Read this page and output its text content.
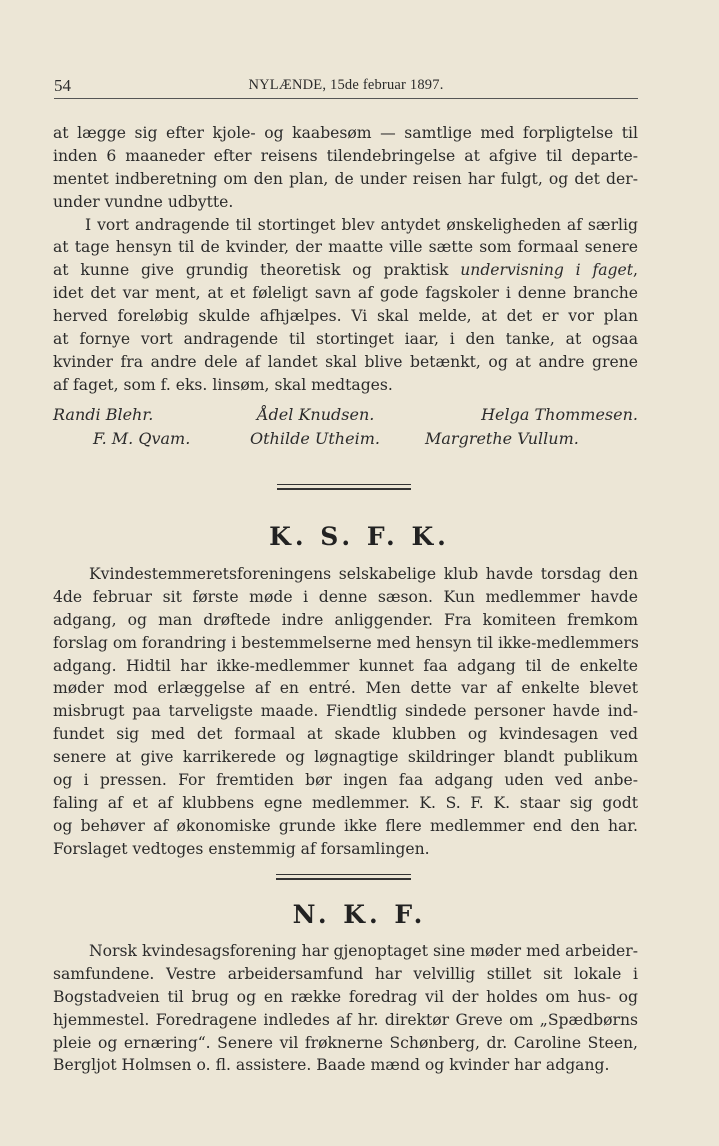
54	NYLÆNDE, 15de februar 1897.
at lægge sig efter kjole- og kaabesøm — samtlige med forpligtelse til
inden 6 maaneder efter reisens tilendebringelse at afgive til departe-
mentet indberetning om den plan, de under reisen har fulgt, og det der-
under vundne udbytte.
I vort andragende til stortinget blev antydet ønskeligheden af særlig
at tage hensyn til de kvinder, der maatte ville sætte som formaal senere
at kunne give grundig theoretisk og praktisk undervisning i faget,
idet det var ment, at et føleligt savn af gode fagskoler i denne branche
herved foreløbig skulde afhjælpes. Vi skal melde, at det er vor plan
at fornye vort andragende til stortinget iaar, i den tanke, at ogsaa
kvinder fra andre dele af landet skal blive betænkt, og at andre grene
af faget, som f. eks. linsøm, skal medtages.
Randi Blehr.	Ådel Knudsen.	Helga Thommesen.
F. M. Qvam.	Othilde Utheim.	Margrethe Vullum.
K. S. F. K.
Kvindestemmeretsforeningens selskabelige klub havde torsdag den
4de februar sit første møde i denne sæson. Kun medlemmer havde
adgang, og man drøftede indre anliggender. Fra komiteen fremkom
forslag om forandring i bestemmelserne med hensyn til ikke-medlemmers
adgang. Hidtil har ikke-medlemmer kunnet faa adgang til de enkelte
møder mod erlæggelse af en entré. Men dette var af enkelte blevet
misbrugt paa tarveligste maade. Fiendtlig sindede personer havde ind-
fundet sig med det formaal at skade klubben og kvindesagen ved
senere at give karrikerede og løgnagtige skildringer blandt publikum
og i pressen. For fremtiden bør ingen faa adgang uden ved anbe-
faling af et af klubbens egne medlemmer. K. S. F. K. staar sig godt
og behøver af økonomiske grunde ikke flere medlemmer end den har.
Forslaget vedtoges enstemmig af forsamlingen.
N. K. F.
Norsk kvindesagsforening har gjenoptaget sine møder med arbeider-
samfundene. Vestre arbeidersamfund har velvillig stillet sit lokale i
Bogstadveien til brug og en række foredrag vil der holdes om hus- og
hjemmestel. Foredragene indledes af hr. direktør Greve om „Spædbørns
pleie og ernæring“. Senere vil frøknerne Schønberg, dr. Caroline Steen,
Bergljot Holmsen o. fl. assistere. Baade mænd og kvinder har adgang.
